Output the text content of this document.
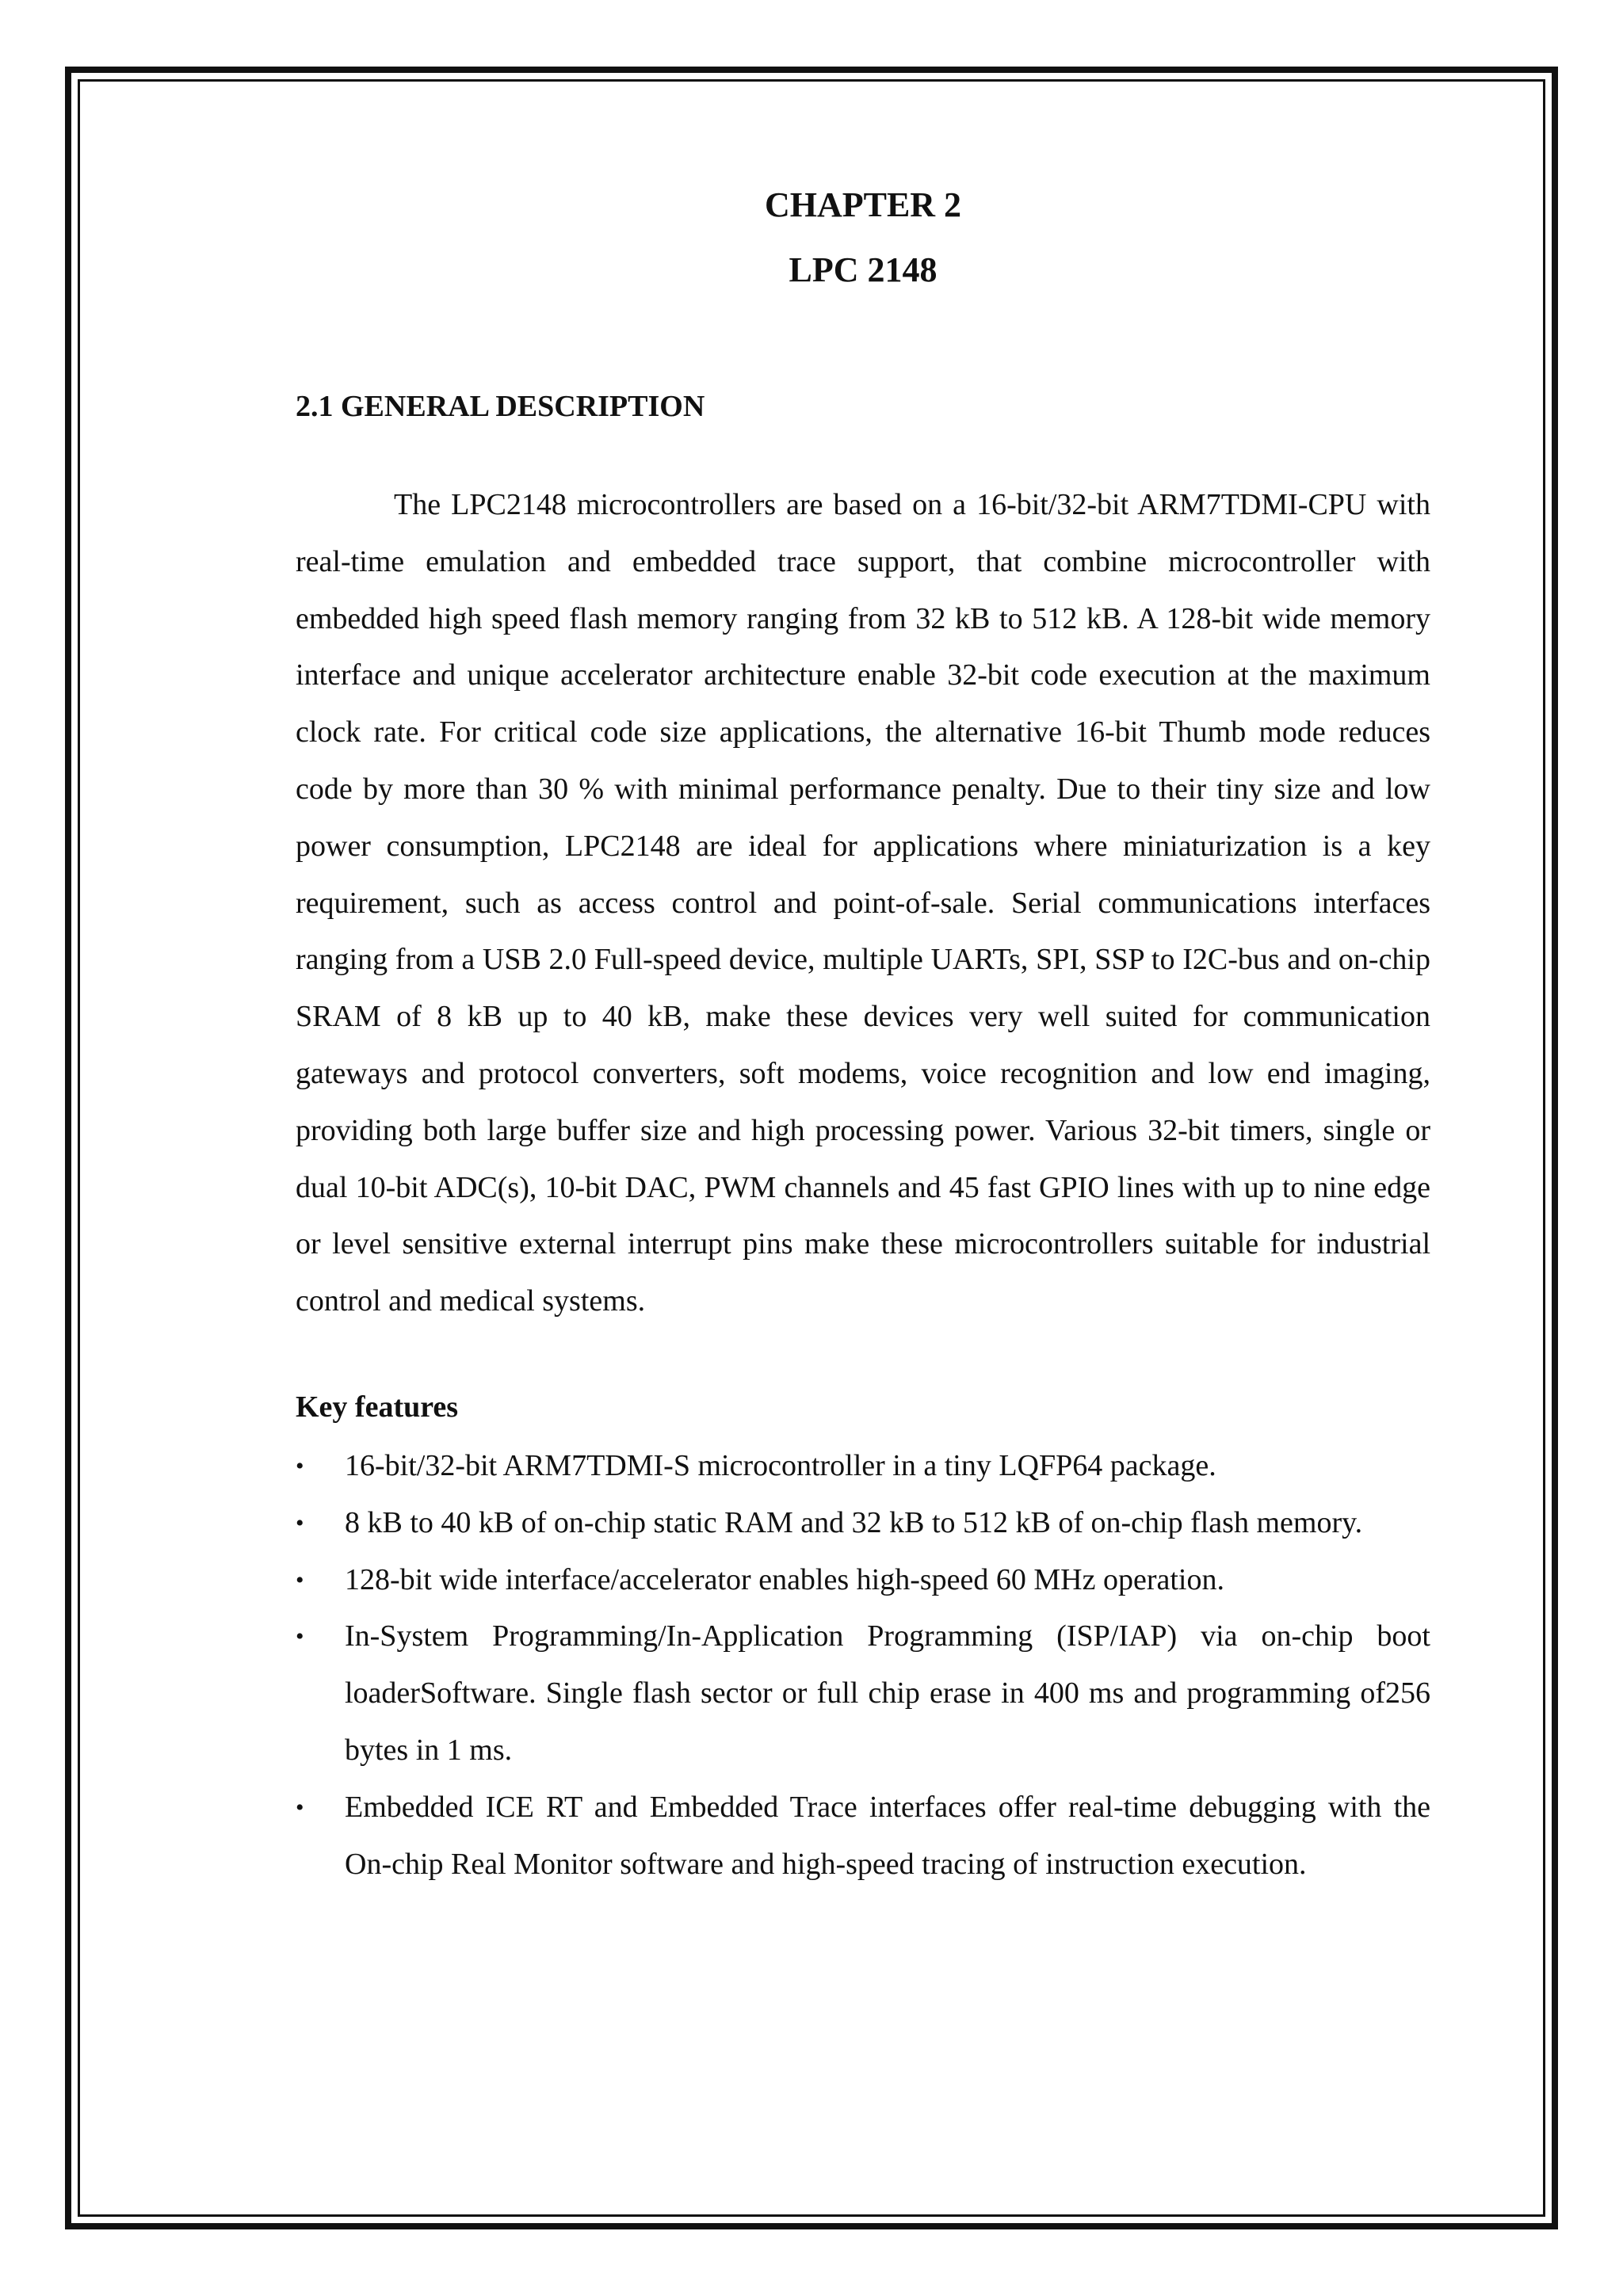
CHAPTER 2
LPC 2148
2.1 GENERAL DESCRIPTION

The LPC2148 microcontrollers are based on a 16-bit/32-bit ARM7TDMI-CPU with real-time emulation and embedded trace support, that combine microcontroller with embedded high speed flash memory ranging from 32 kB to 512 kB. A 128-bit wide memory interface and unique accelerator architecture enable 32-bit code execution at the maximum clock rate. For critical code size applications, the alternative 16-bit Thumb mode reduces code by more than 30 % with minimal performance penalty. Due to their tiny size and low power consumption, LPC2148 are ideal for applications where miniaturization is a key requirement, such as access control and point-of-sale. Serial communications interfaces ranging from a USB 2.0 Full-speed device, multiple UARTs, SPI, SSP to I2C-bus and on-chip SRAM of 8 kB up to 40 kB, make these devices very well suited for communication gateways and protocol converters, soft modems, voice recognition and low end imaging, providing both large buffer size and high processing power. Various 32-bit timers, single or dual 10-bit ADC(s), 10-bit DAC, PWM channels and 45 fast GPIO lines with up to nine edge or level sensitive external interrupt pins make these microcontrollers suitable for industrial control and medical systems.

Key features
•	16-bit/32-bit ARM7TDMI-S microcontroller in a tiny LQFP64 package.
•	8 kB to 40 kB of on-chip static RAM and 32 kB to 512 kB of on-chip flash memory.
•	128-bit wide interface/accelerator enables high-speed 60 MHz operation.
•	In-System Programming/In-Application Programming (ISP/IAP) via on-chip boot loaderSoftware. Single flash sector or full chip erase in 400 ms and programming of256 bytes in 1 ms.
•	Embedded ICE RT and Embedded Trace interfaces offer real-time debugging with the On-chip Real Monitor software and high-speed tracing of instruction execution.
